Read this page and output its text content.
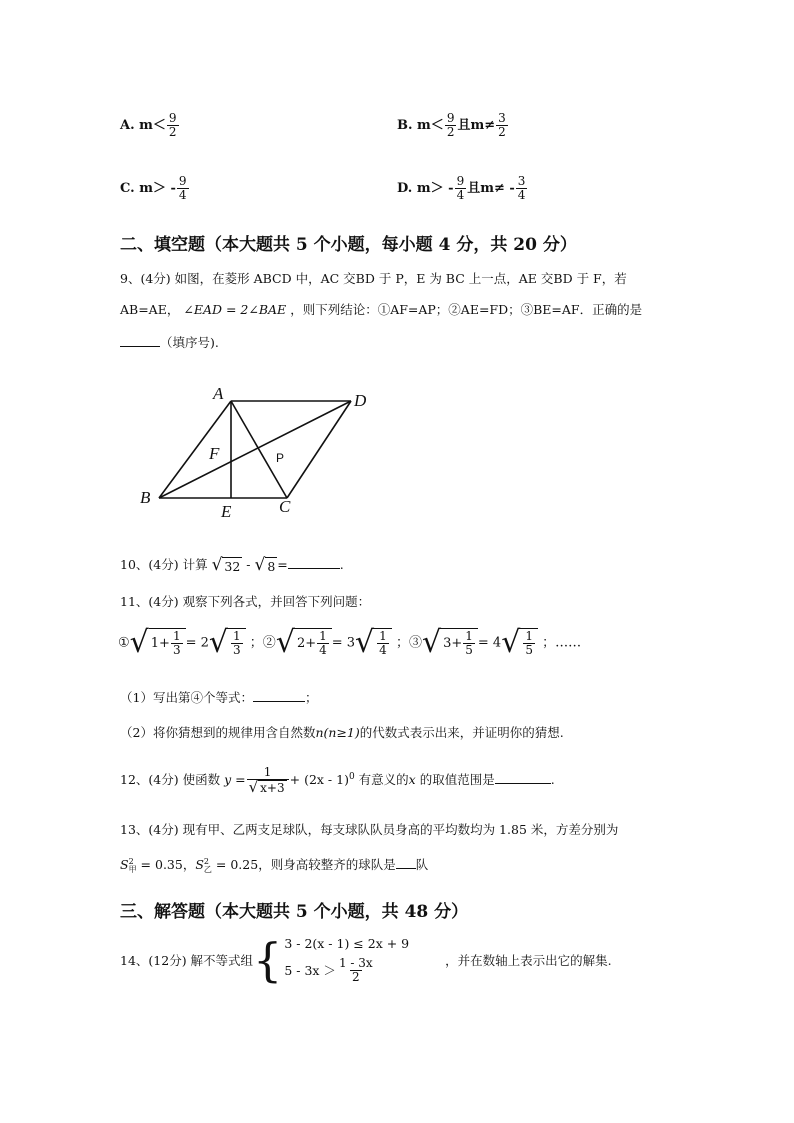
A. $m< \frac{9}{2}$	B. $m< \frac{9}{2}$ 且$m\ne \frac{3}{2}$
C. $m> - \frac{9}{4}$	D. $m> - \frac{9}{4}$ 且$m\ne - \frac{3}{4}$
二、填空题（本大题共 5 个小题，每小题 4 分，共 20 分）
9、(4分) 如图，在菱形 ABCD 中，AC 交BD 于 P，E 为 BC 上一点，AE 交BD 于 F，若
AB=AE， ∠EAD = 2∠BAE ，则下列结论：①AF=AP；②AE=FD；③BE=AF．正确的是
（填序号).
A	D
B	C
E
F	P
10、(4分) 计算 √ 32 - √ 8 =	.
11、(4分) 观察下列各式，并回答下列问题：
① √ $1+ \frac{1}{3} = 2$ √ $\frac{1}{3}$ ；② √ $2+ \frac{1}{4} = 3$ √ $\frac{1}{4}$ ；③ √ $3+ \frac{1}{5} = 4$ √ $\frac{1}{5}$ ；……
（1）写出第④个等式：	；
（2）将你猜想到的规律用含自然数n(n≥1)的代数式表示出来，并证明你的猜想.
12、(4分) 使函数 $y = \frac{1}{√ x+3} + (2x - 1)^0$ 有意义的x 的取值范围是	.
13、(4分) 现有甲、乙两支足球队，每支球队队员身高的平均数均为 1.85 米，方差分别为
S 2
甲 = 0.35，S 2
乙 = 0.25，则身高较整齐的球队是 队
三、解答题（本大题共 5 个小题，共 48 分）
14、(12分) 解不等式组 { 3 - 2(x - 1) ≤ 2x + 9
$5 - 3x > \frac{1 - 3x}{2}$	，并在数轴上表示出它的解集.
